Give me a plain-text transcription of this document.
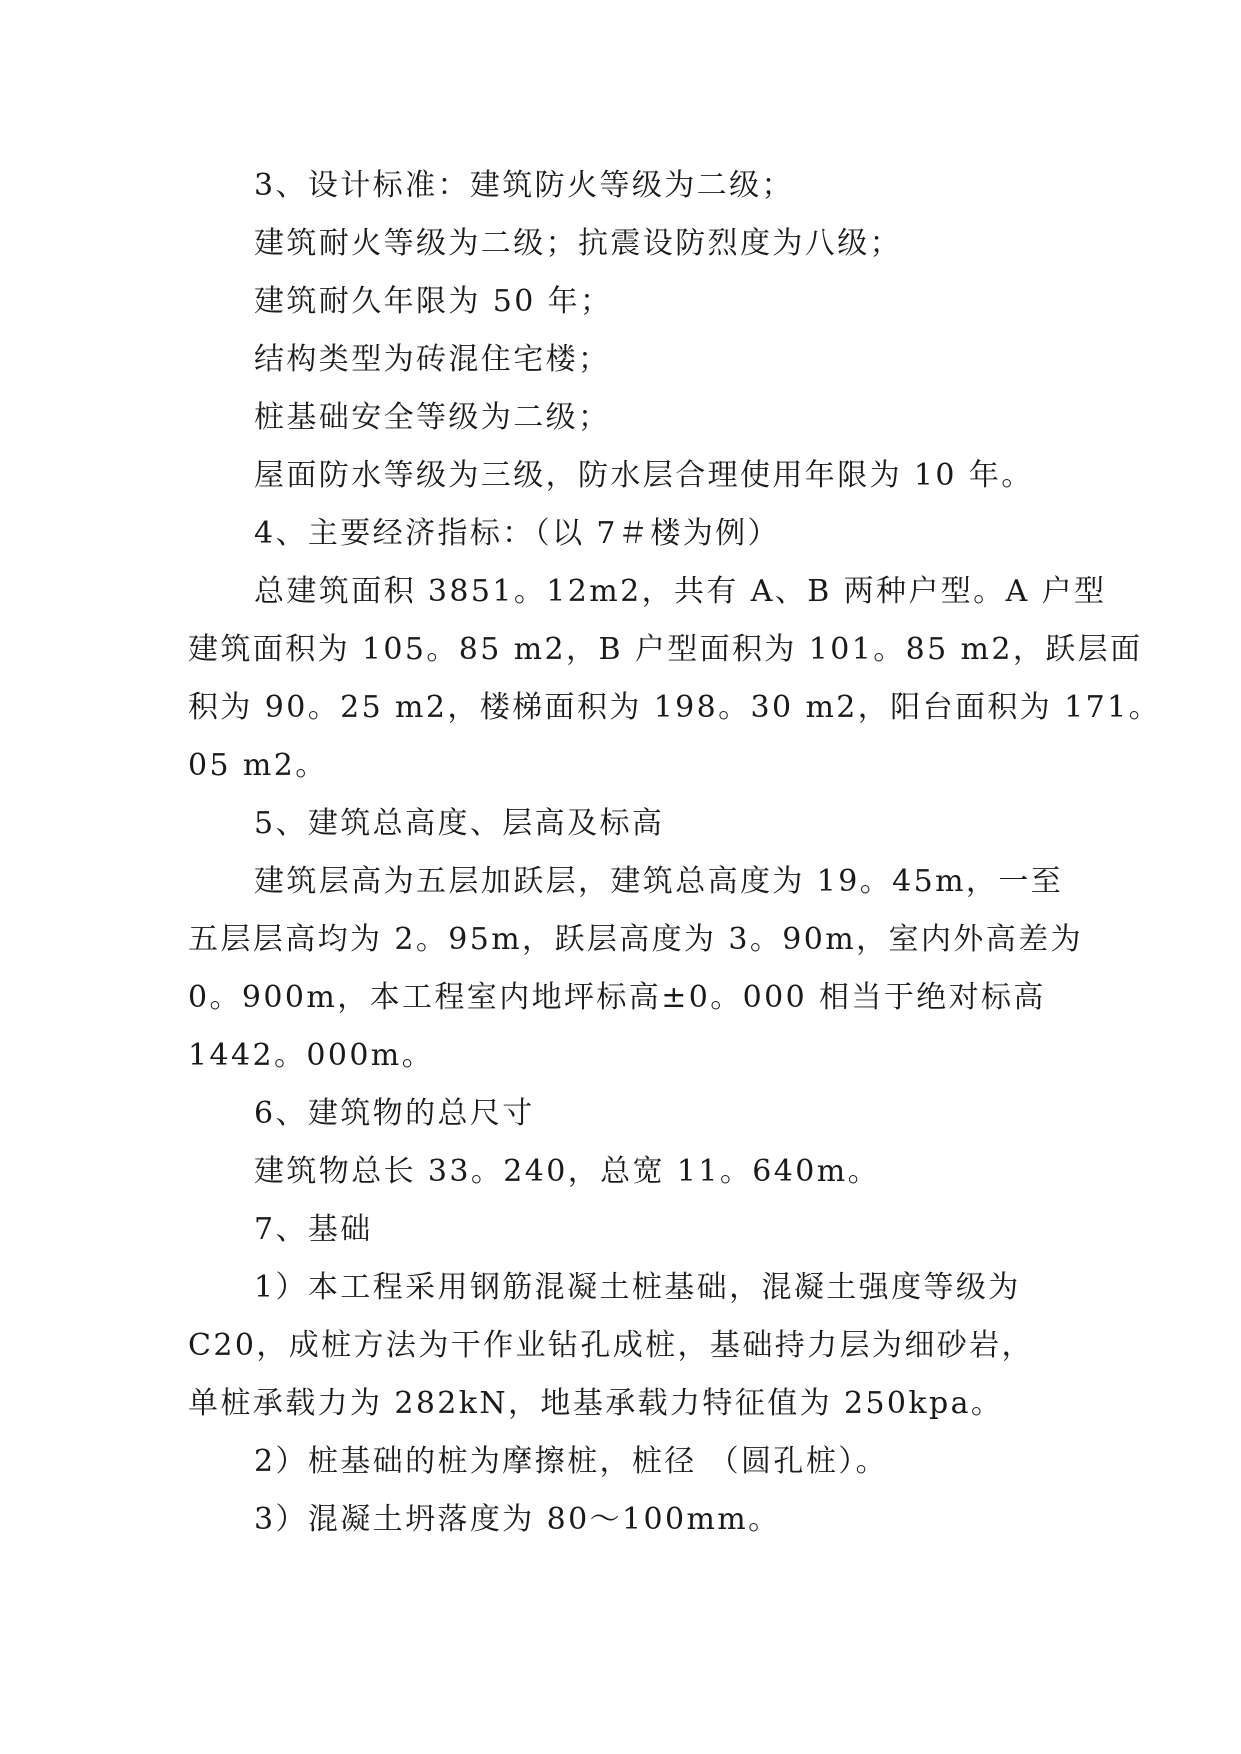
3、设计标准：建筑防火等级为二级；
建筑耐火等级为二级；抗震设防烈度为八级；
建筑耐久年限为 50 年；
结构类型为砖混住宅楼；
桩基础安全等级为二级；
屋面防水等级为三级，防水层合理使用年限为 10 年。
4、主要经济指标：（以 7＃楼为例）
总建筑面积 3851。12m2，共有 A、B 两种户型。A 户型
建筑面积为 105。85 m2，B 户型面积为 101。85 m2，跃层面
积为 90。25 m2，楼梯面积为 198。30 m2，阳台面积为 171。
05 m2。
5、建筑总高度、层高及标高
建筑层高为五层加跃层，建筑总高度为 19。45m，一至
五层层高均为 2。95m，跃层高度为 3。90m，室内外高差为
0。900m，本工程室内地坪标高±0。000 相当于绝对标高
1442。000m。
6、建筑物的总尺寸
建筑物总长 33。240，总宽 11。640m。
7、基础
1）本工程采用钢筋混凝土桩基础，混凝土强度等级为
C20，成桩方法为干作业钻孔成桩，基础持力层为细砂岩，
单桩承载力为 282kN，地基承载力特征值为 250kpa。
2）桩基础的桩为摩擦桩，桩径 （圆孔桩）。
3）混凝土坍落度为 80～100mm。
